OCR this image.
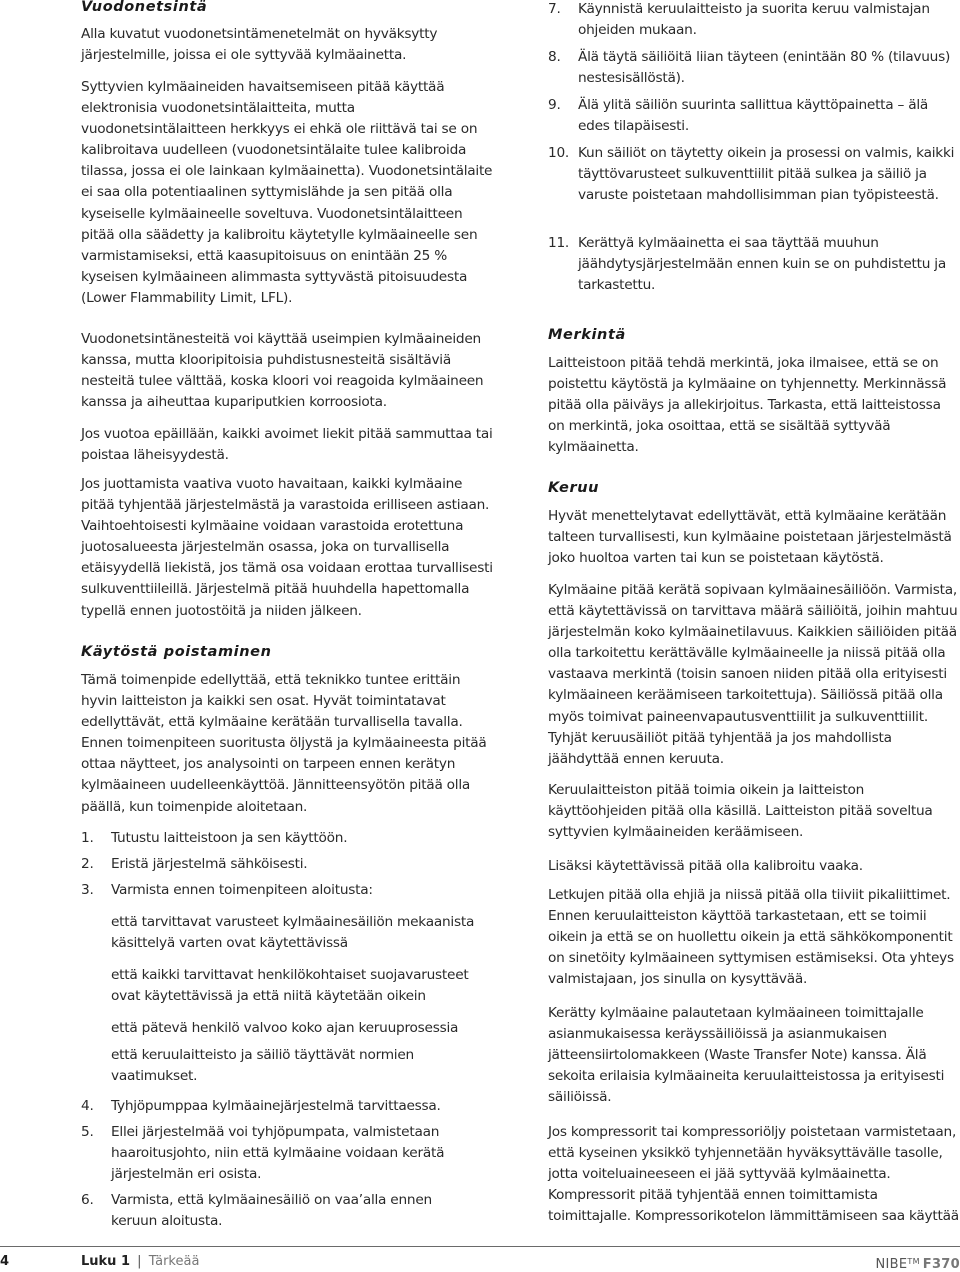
Vuodonetsintä
Alla kuvatut vuodonetsintämenetelmät on hyväksytty järjestelmille, joissa ei ole syttyvää kylmäainetta.
Syttyvien kylmäaineiden havaitsemiseen pitää käyttää elektronisia vuodonetsintälaitteita, mutta vuodonetsintälaitteen herkkyys ei ehkä ole riittävä tai se on kalibroitava uudelleen (vuodonetsintälaite tulee kalibroida tilassa, jossa ei ole lainkaan kylmäainetta). Vuodonetsintälaite ei saa olla potentiaalinen syttymislähde ja sen pitää olla kyseiselle kylmäaineelle soveltuva. Vuodonetsintälaitteen pitää olla säädetty ja kalibroitu käytetylle kylmäaineelle sen varmistamiseksi, että kaasupitoisuus on enintään 25 % kyseisen kylmäaineen alimmasta syttyvästä pitoisuudesta (Lower Flammability Limit, LFL).
Vuodonetsintänesteitä voi käyttää useimpien kylmäaineiden kanssa, mutta klooripitoisia puhdistusnesteitä sisältäviä nesteitä tulee välttää, koska kloori voi reagoida kylmäaineen kanssa ja aiheuttaa kupariputkien korroosiota.
Jos vuotoa epäillään, kaikki avoimet liekit pitää sammuttaa tai poistaa läheisyydestä.
Jos juottamista vaativa vuoto havaitaan, kaikki kylmäaine pitää tyhjentää järjestelmästä ja varastoida erilliseen astiaan. Vaihtoehtoisesti kylmäaine voidaan varastoida erotettuna juotosalueesta järjestelmän osassa, joka on turvallisella etäisyydellä liekistä, jos tämä osa voidaan erottaa turvallisesti sulkuventtiileillä. Järjestelmä pitää huuhdella hapettomalla typellä ennen juotostöitä ja niiden jälkeen.
Käytöstä poistaminen
Tämä toimenpide edellyttää, että teknikko tuntee erittäin hyvin laitteiston ja kaikki sen osat. Hyvät toimintatavat edellyttävät, että kylmäaine kerätään turvallisella tavalla. Ennen toimenpiteen suoritusta öljystä ja kylmäaineesta pitää ottaa näytteet, jos analysointi on tarpeen ennen kerätyn kylmäaineen uudelleenkäyttöä. Jännitteensyötön pitää olla päällä, kun toimenpide aloitetaan.
1.	Tutustu laitteistoon ja sen käyttöön.
2.	Eristä järjestelmä sähköisesti.
3.	Varmista ennen toimenpiteen aloitusta:
että tarvittavat varusteet kylmäainesäiliön mekaanista käsittelyä varten ovat käytettävissä
että kaikki tarvittavat henkilökohtaiset suojavarusteet ovat käytettävissä ja että niitä käytetään oikein
että pätevä henkilö valvoo koko ajan keruuprosessia
että keruulaitteisto ja säiliö täyttävät normien vaatimukset.
4.	Tyhjöpumppaa kylmäainejärjestelmä tarvittaessa.
5.	Ellei järjestelmää voi tyhjöpumpata, valmistetaan haaroitusjohto, niin että kylmäaine voidaan kerätä järjestelmän eri osista.
6.	Varmista, että kylmäainesäiliö on vaa’alla ennen keruun aloitusta.
7.	Käynnistä keruulaitteisto ja suorita keruu valmistajan ohjeiden mukaan.
8.	Älä täytä säiliöitä liian täyteen (enintään 80 % (tilavuus) nestesisällöstä).
9.	Älä ylitä säiliön suurinta sallittua käyttöpainetta – älä edes tilapäisesti.
10. Kun säiliöt on täytetty oikein ja prosessi on valmis, kaikki täyttövarusteet sulkuventtiilit pitää sulkea ja säiliö ja varuste poistetaan mahdollisimman pian työpisteestä.
11. Kerättyä kylmäainetta ei saa täyttää muuhun jäähdytysjärjestelmään ennen kuin se on puhdistettu ja tarkastettu.
Merkintä
Laitteistoon pitää tehdä merkintä, joka ilmaisee, että se on poistettu käytöstä ja kylmäaine on tyhjennetty. Merkinnässä pitää olla päiväys ja allekirjoitus. Tarkasta, että laitteistossa on merkintä, joka osoittaa, että se sisältää syttyvää kylmäainetta.
Keruu
Hyvät menettelytavat edellyttävät, että kylmäaine kerätään talteen turvallisesti, kun kylmäaine poistetaan järjestelmästä joko huoltoa varten tai kun se poistetaan käytöstä.
Kylmäaine pitää kerätä sopivaan kylmäainesäiliöön. Varmista, että käytettävissä on tarvittava määrä säiliöitä, joihin mahtuu järjestelmän koko kylmäainetilavuus. Kaikkien säiliöiden pitää olla tarkoitettu kerättävälle kylmäaineelle ja niissä pitää olla vastaava merkintä (toisin sanoen niiden pitää olla erityisesti kylmäaineen keräämiseen tarkoitettuja). Säiliössä pitää olla myös toimivat paineenvapautusventtiilit ja sulkuventtiilit. Tyhjät keruusäiliöt pitää tyhjentää ja jos mahdollista jäähdyttää ennen keruuta.
Keruulaitteiston pitää toimia oikein ja laitteiston käyttöohjeiden pitää olla käsillä. Laitteiston pitää soveltua syttyvien kylmäaineiden keräämiseen.
Lisäksi käytettävissä pitää olla kalibroitu vaaka.
Letkujen pitää olla ehjiä ja niissä pitää olla tiiviit pikaliittimet. Ennen keruulaitteiston käyttöä tarkastetaan, ett se toimii oikein ja että se on huollettu oikein ja että sähkökomponentit on sinetöity kylmäaineen syttymisen estämiseksi. Ota yhteys valmistajaan, jos sinulla on kysyttävää.
Kerätty kylmäaine palautetaan kylmäaineen toimittajalle asianmukaisessa keräyssäiliöissä ja asianmukaisen jätteensiirtolomakkeen (Waste Transfer Note) kanssa. Älä sekoita erilaisia kylmäaineita keruulaitteistossa ja erityisesti säiliöissä.
Jos kompressorit tai kompressoriöljy poistetaan varmistetaan, että kyseinen yksikkö tyhjennetään hyväksyttävälle tasolle, jotta voiteluaineeseen ei jää syttyvää kylmäainetta. Kompressorit pitää tyhjentää ennen toimittamista toimittajalle. Kompressorikotelon lämmittämiseen saa käyttää
4	Luku 1 | Tärkeää	NIBE™ F370
